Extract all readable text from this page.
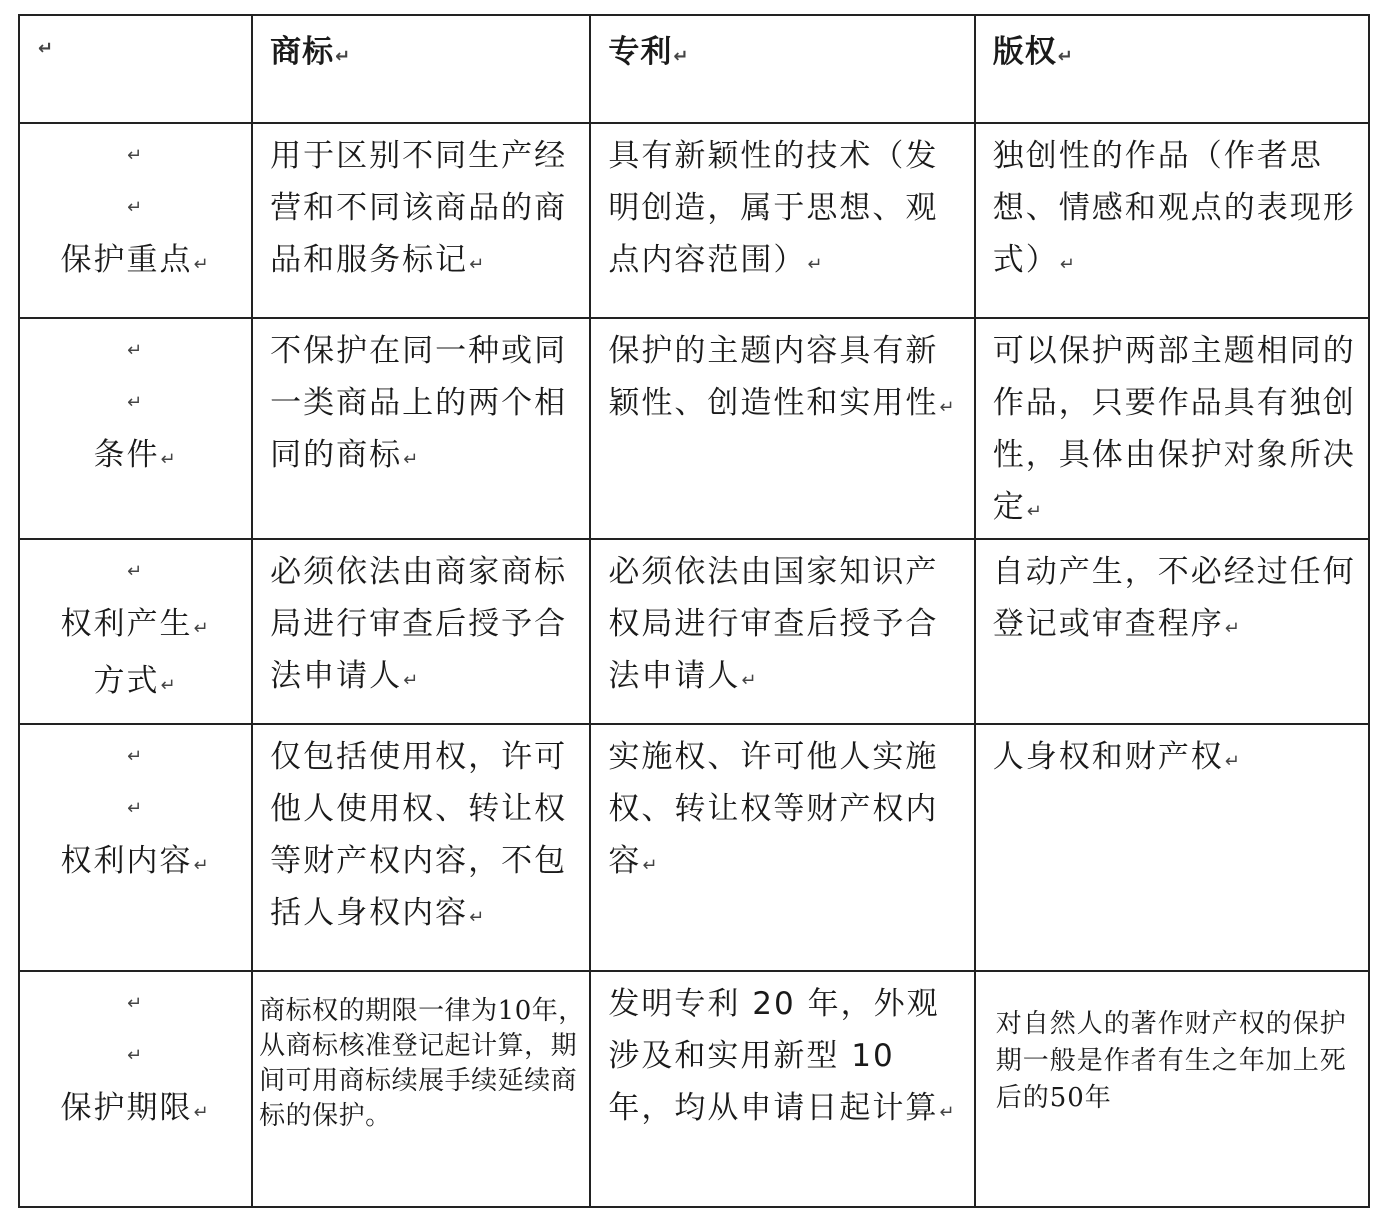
↵	商标↵	专利↵	版权↵

↵
↵
保护重点↵	用于区别不同生产经营和不同该商品的商品和服务标记↵	具有新颖性的技术（发明创造，属于思想、观点内容范围）↵	独创性的作品（作者思想、情感和观点的表现形式）↵

↵
↵
条件↵	不保护在同一种或同一类商品上的两个相同的商标↵	保护的主题内容具有新颖性、创造性和实用性↵	可以保护两部主题相同的作品，只要作品具有独创性，具体由保护对象所决定↵

↵
权利产生↵
方式↵	必须依法由商家商标局进行审查后授予合法申请人↵	必须依法由国家知识产权局进行审查后授予合法申请人↵	自动产生，不必经过任何登记或审查程序↵

↵
↵
权利内容↵	仅包括使用权，许可他人使用权、转让权等财产权内容，不包括人身权内容↵	实施权、许可他人实施权、转让权等财产权内容↵	人身权和财产权↵

↵
↵
保护期限↵	商标权的期限一律为10年，从商标核准登记起计算，期间可用商标续展手续延续商标的保护。	发明专利 20 年，外观涉及和实用新型 10 年，均从申请日起计算↵	对自然人的著作财产权的保护期一般是作者有生之年加上死后的50年
